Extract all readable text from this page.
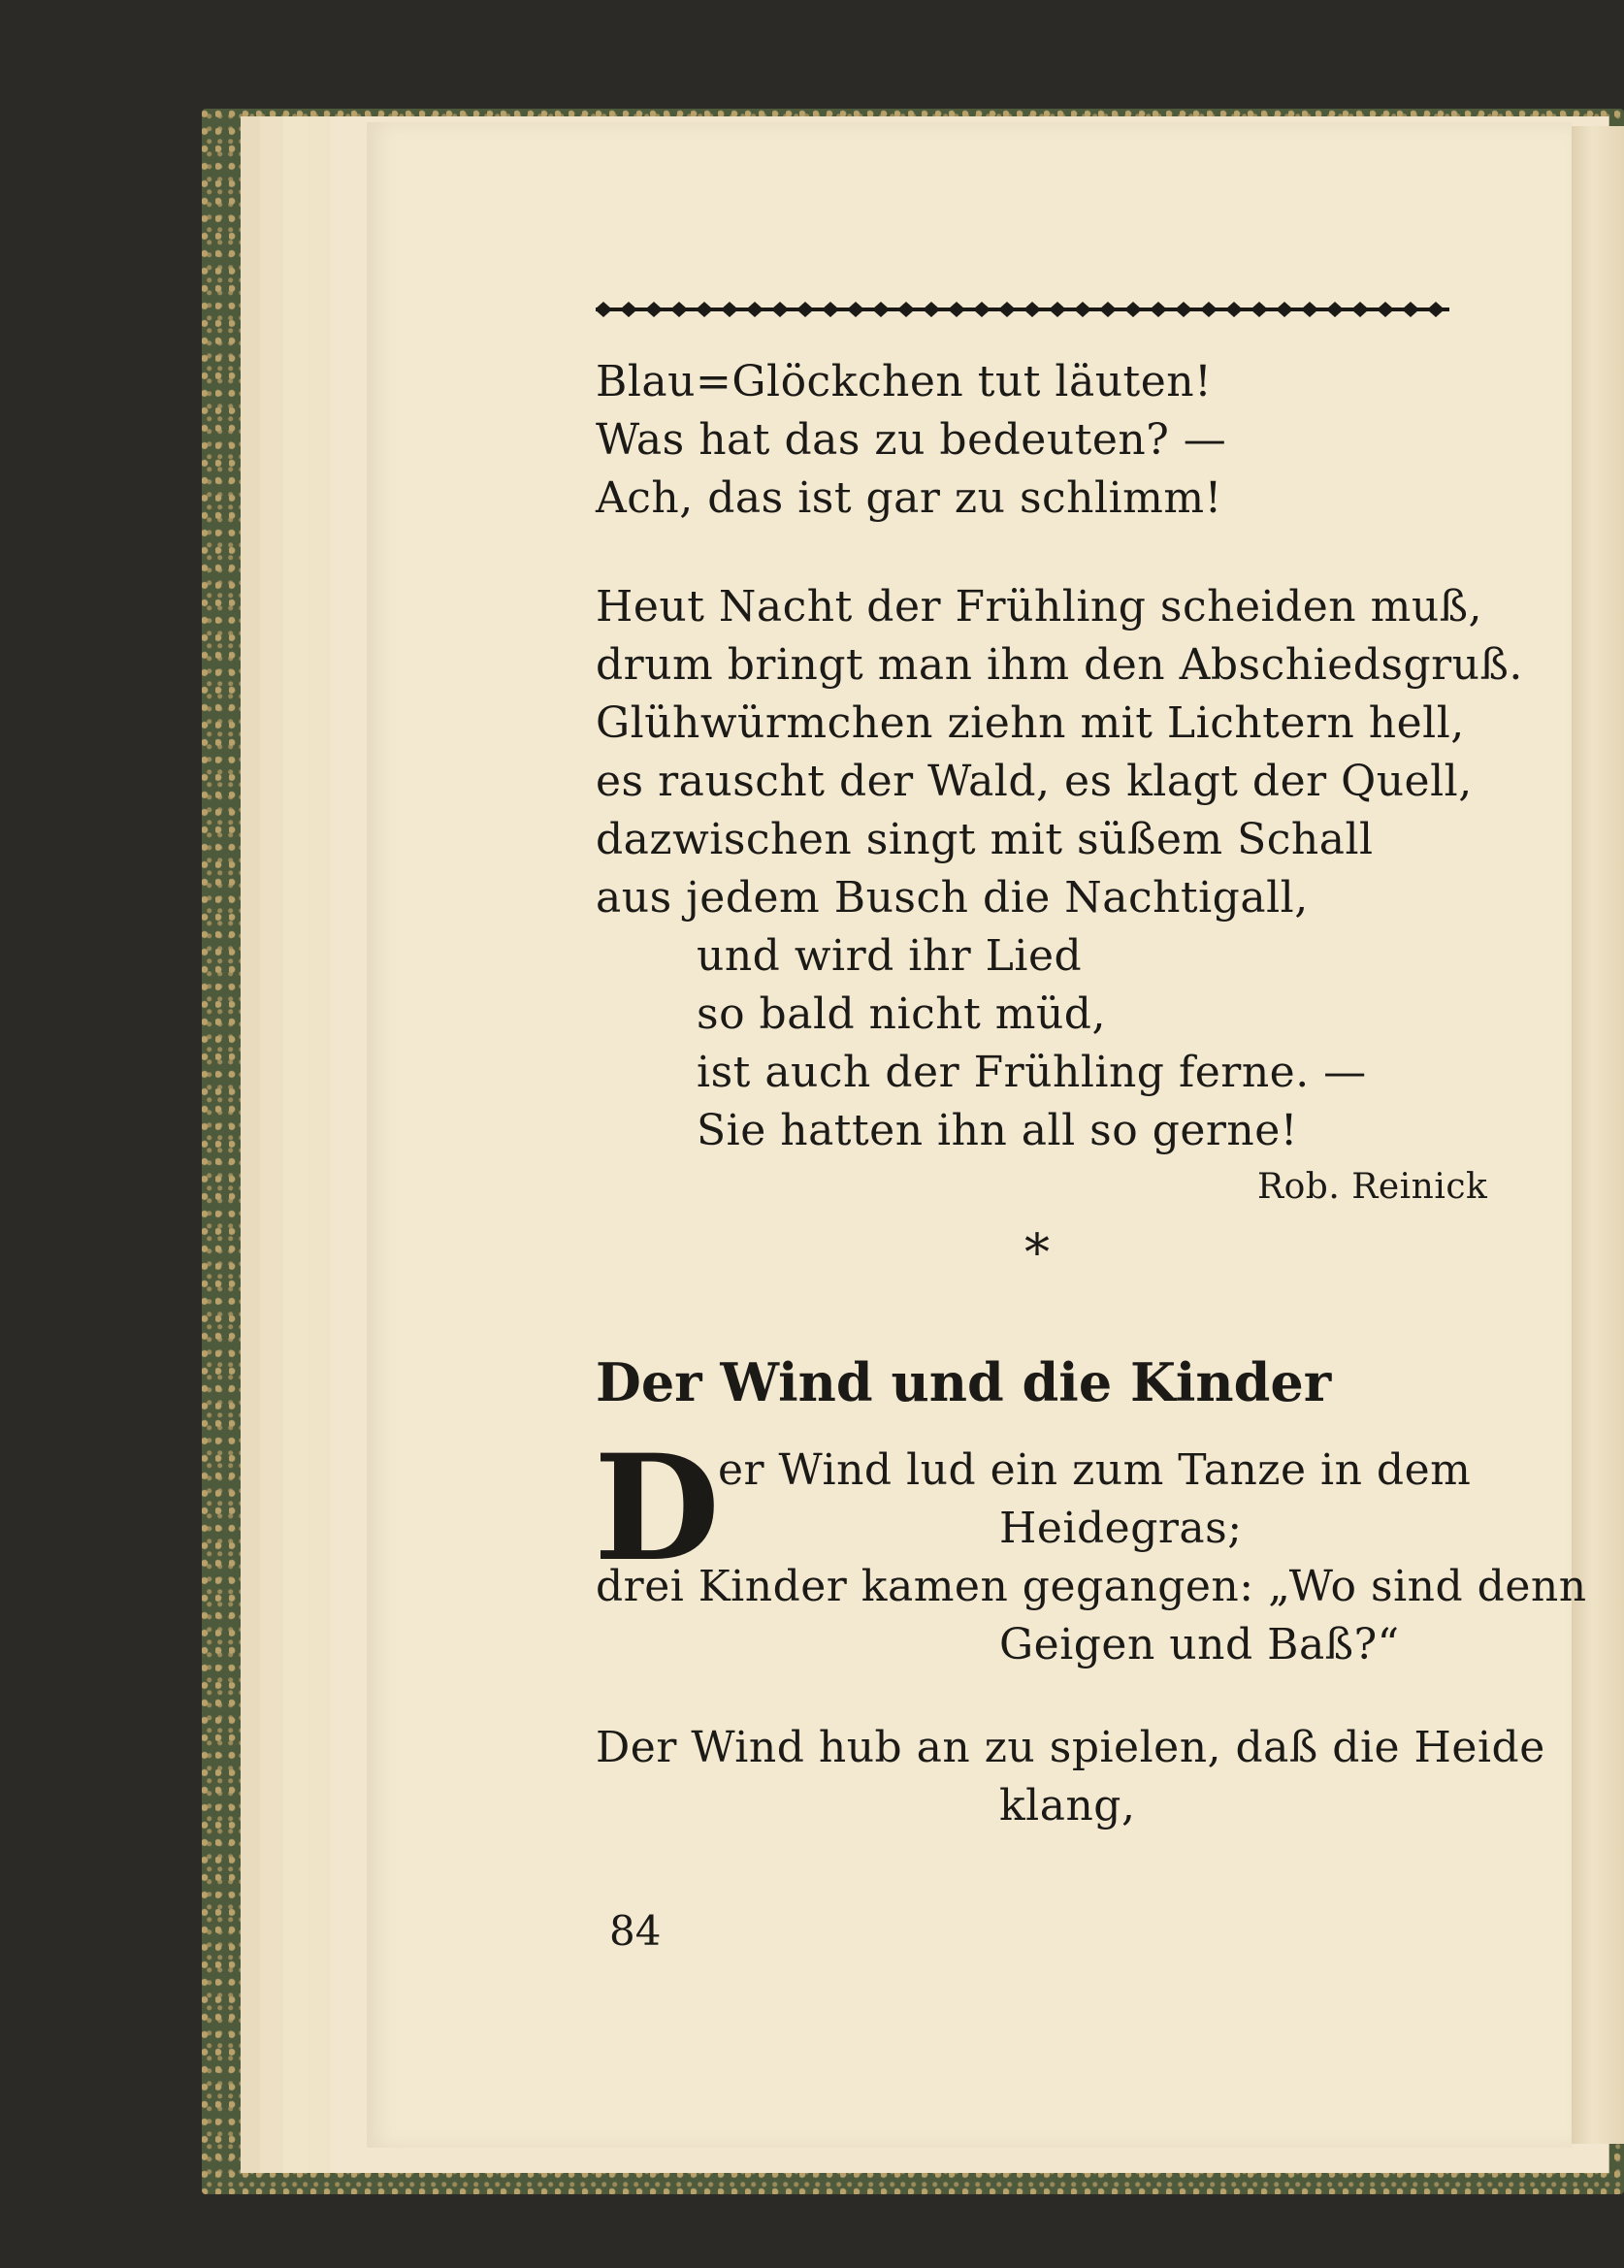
Blau=Glöckchen tut läuten!
Was hat das zu bedeuten? —
Ach, das ist gar zu schlimm!
Heut Nacht der Frühling scheiden muß,
drum bringt man ihm den Abschiedsgruß.
Glühwürmchen ziehn mit Lichtern hell,
es rauscht der Wald, es klagt der Quell,
dazwischen singt mit süßem Schall
aus jedem Busch die Nachtigall,
und wird ihr Lied
so bald nicht müd,
ist auch der Frühling ferne. —
Sie hatten ihn all so gerne!
Rob. Reinick
*
Der Wind und die Kinder
D
er Wind lud ein zum Tanze in dem
Heidegras;
drei Kinder kamen gegangen: „Wo sind denn
Geigen und Baß?“
Der Wind hub an zu spielen, daß die Heide
klang,
84
